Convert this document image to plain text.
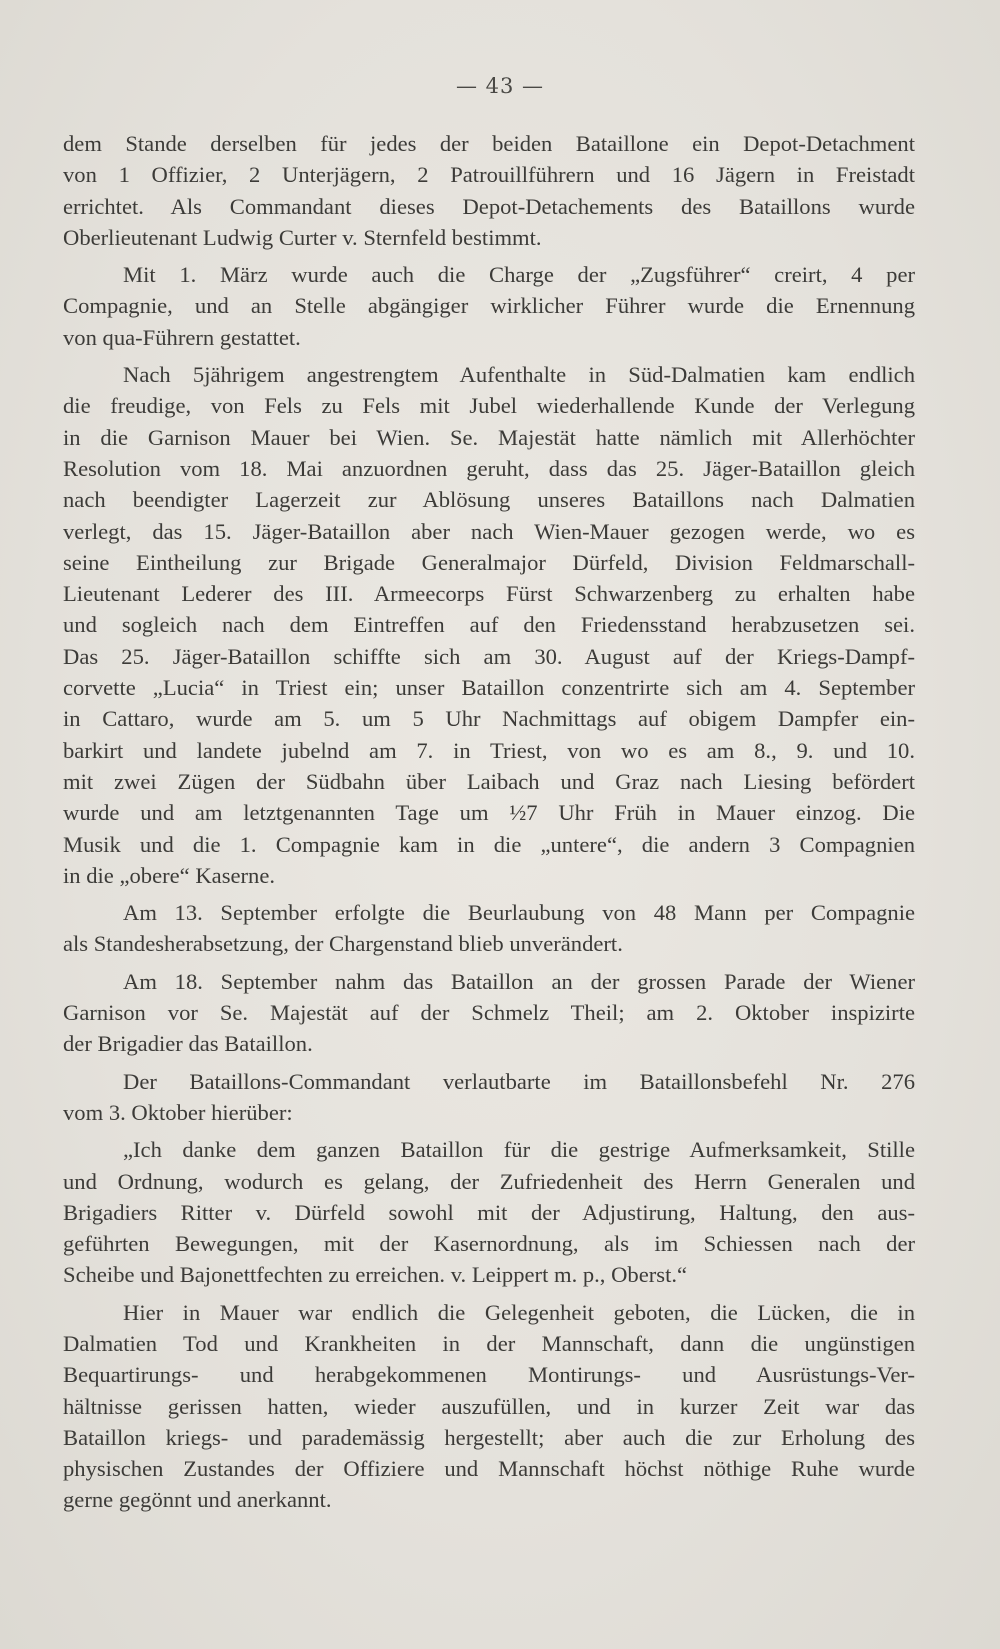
— 43 —
dem Stande derselben für jedes der beiden Bataillone ein Depot-Detachment
von 1 Offizier, 2 Unterjägern, 2 Patrouillführern und 16 Jägern in Freistadt
errichtet. Als Commandant dieses Depot-Detachements des Bataillons wurde
Oberlieutenant Ludwig Curter v. Sternfeld bestimmt.
Mit 1. März wurde auch die Charge der „Zugsführer“ creirt, 4 per
Compagnie, und an Stelle abgängiger wirklicher Führer wurde die Ernennung
von qua-Führern gestattet.
Nach 5jährigem angestrengtem Aufenthalte in Süd-Dalmatien kam endlich
die freudige, von Fels zu Fels mit Jubel wiederhallende Kunde der Verlegung
in die Garnison Mauer bei Wien. Se. Majestät hatte nämlich mit Allerhöchter
Resolution vom 18. Mai anzuordnen geruht, dass das 25. Jäger-Bataillon gleich
nach beendigter Lagerzeit zur Ablösung unseres Bataillons nach Dalmatien
verlegt, das 15. Jäger-Bataillon aber nach Wien-Mauer gezogen werde, wo es
seine Eintheilung zur Brigade Generalmajor Dürfeld, Division Feldmarschall-
Lieutenant Lederer des III. Armeecorps Fürst Schwarzenberg zu erhalten habe
und sogleich nach dem Eintreffen auf den Friedensstand herabzusetzen sei.
Das 25. Jäger-Bataillon schiffte sich am 30. August auf der Kriegs-Dampf-
corvette „Lucia“ in Triest ein; unser Bataillon conzentrirte sich am 4. September
in Cattaro, wurde am 5. um 5 Uhr Nachmittags auf obigem Dampfer ein-
barkirt und landete jubelnd am 7. in Triest, von wo es am 8., 9. und 10.
mit zwei Zügen der Südbahn über Laibach und Graz nach Liesing befördert
wurde und am letztgenannten Tage um ½7 Uhr Früh in Mauer einzog. Die
Musik und die 1. Compagnie kam in die „untere“, die andern 3 Compagnien
in die „obere“ Kaserne.
Am 13. September erfolgte die Beurlaubung von 48 Mann per Compagnie
als Standesherabsetzung, der Chargenstand blieb unverändert.
Am 18. September nahm das Bataillon an der grossen Parade der Wiener
Garnison vor Se. Majestät auf der Schmelz Theil; am 2. Oktober inspizirte
der Brigadier das Bataillon.
Der Bataillons-Commandant verlautbarte im Bataillonsbefehl Nr. 276
vom 3. Oktober hierüber:
„Ich danke dem ganzen Bataillon für die gestrige Aufmerksamkeit, Stille
und Ordnung, wodurch es gelang, der Zufriedenheit des Herrn Generalen und
Brigadiers Ritter v. Dürfeld sowohl mit der Adjustirung, Haltung, den aus-
geführten Bewegungen, mit der Kasernordnung, als im Schiessen nach der
Scheibe und Bajonettfechten zu erreichen. v. Leippert m. p., Oberst.“
Hier in Mauer war endlich die Gelegenheit geboten, die Lücken, die in
Dalmatien Tod und Krankheiten in der Mannschaft, dann die ungünstigen
Bequartirungs- und herabgekommenen Montirungs- und Ausrüstungs-Ver-
hältnisse gerissen hatten, wieder auszufüllen, und in kurzer Zeit war das
Bataillon kriegs- und parademässig hergestellt; aber auch die zur Erholung des
physischen Zustandes der Offiziere und Mannschaft höchst nöthige Ruhe wurde
gerne gegönnt und anerkannt.
